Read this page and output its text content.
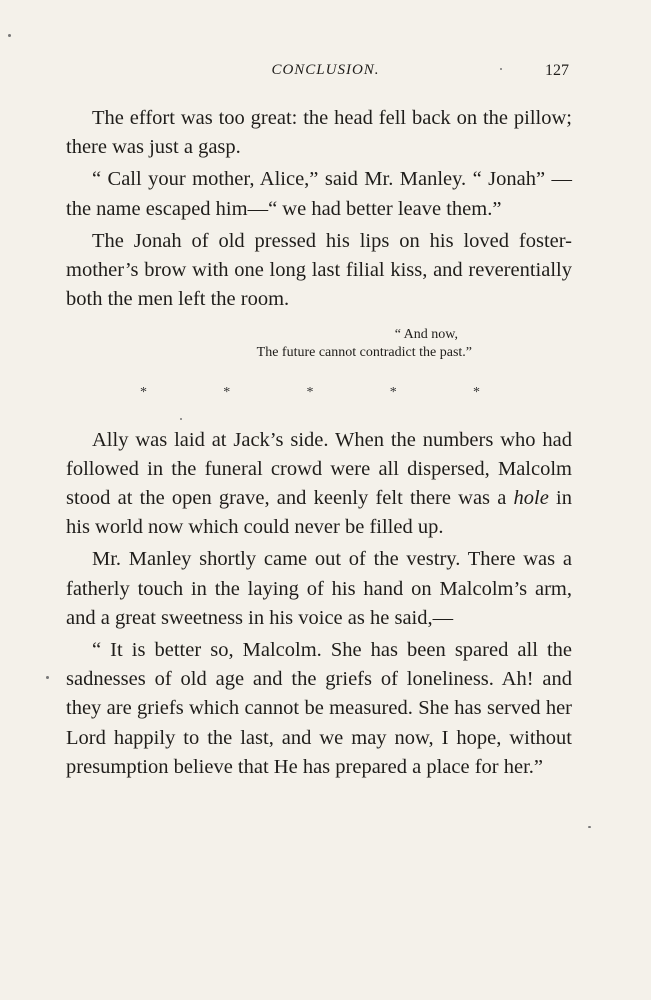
CONCLUSION.	127

The effort was too great: the head fell back on the pillow; there was just a gasp.

“ Call your mother, Alice,” said Mr. Manley. “ Jonah” —the name escaped him—“ we had better leave them.”

The Jonah of old pressed his lips on his loved foster-mother’s brow with one long last filial kiss, and reverentially both the men left the room.

“ And now,
The future cannot contradict the past.”

*	*	*	*	*

Ally was laid at Jack’s side. When the numbers who had followed in the funeral crowd were all dispersed, Malcolm stood at the open grave, and keenly felt there was a hole in his world now which could never be filled up.

Mr. Manley shortly came out of the vestry. There was a fatherly touch in the laying of his hand on Malcolm’s arm, and a great sweetness in his voice as he said,—

“ It is better so, Malcolm. She has been spared all the sadnesses of old age and the griefs of loneliness. Ah! and they are griefs which cannot be measured. She has served her Lord happily to the last, and we may now, I hope, without presumption believe that He has prepared a place for her.”
